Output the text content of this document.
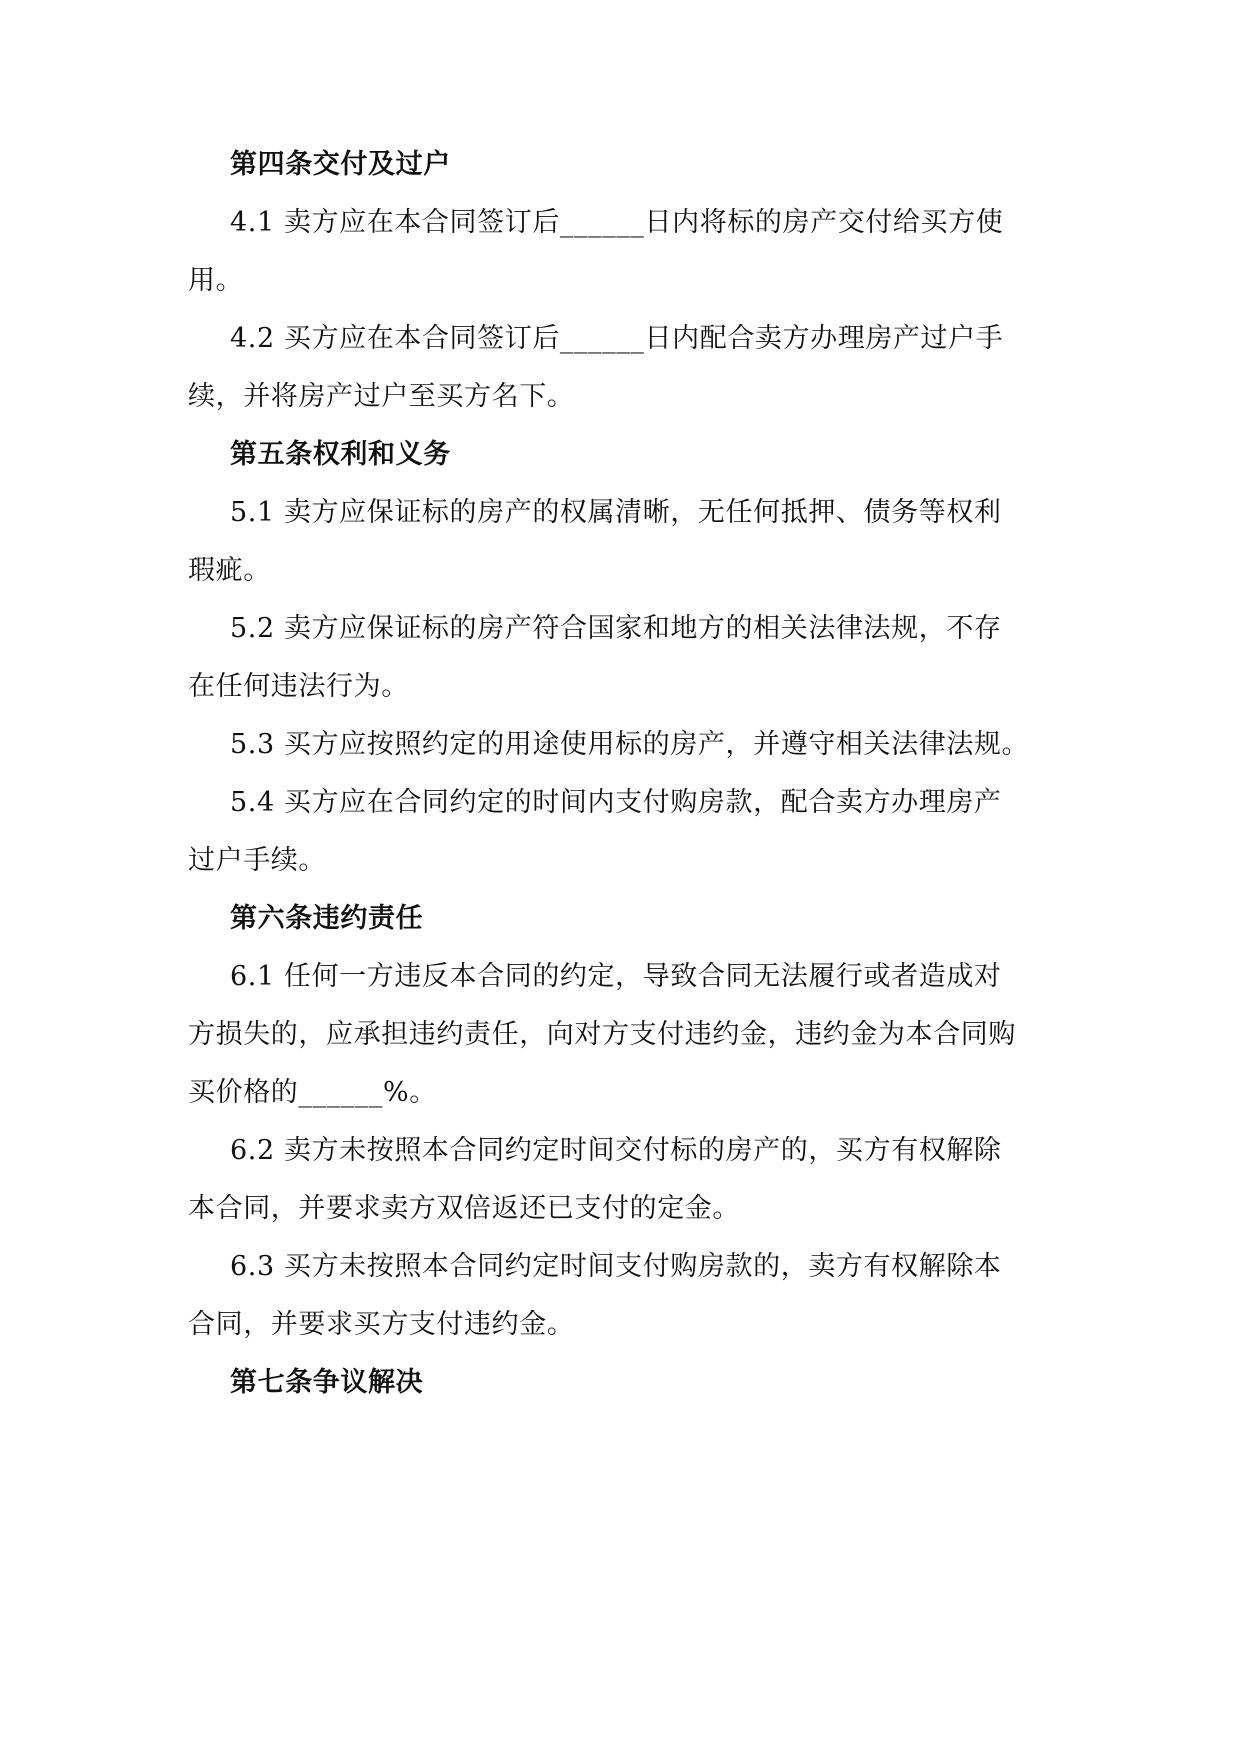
第四条交付及过户
4.1 卖方应在本合同签订后______日内将标的房产交付给买方使
用。
4.2 买方应在本合同签订后______日内配合卖方办理房产过户手
续，并将房产过户至买方名下。
第五条权利和义务
5.1 卖方应保证标的房产的权属清晰，无任何抵押、债务等权利
瑕疵。
5.2 卖方应保证标的房产符合国家和地方的相关法律法规，不存
在任何违法行为。
5.3 买方应按照约定的用途使用标的房产，并遵守相关法律法规。
5.4 买方应在合同约定的时间内支付购房款，配合卖方办理房产
过户手续。
第六条违约责任
6.1 任何一方违反本合同的约定，导致合同无法履行或者造成对
方损失的，应承担违约责任，向对方支付违约金，违约金为本合同购
买价格的______%。
6.2 卖方未按照本合同约定时间交付标的房产的，买方有权解除
本合同，并要求卖方双倍返还已支付的定金。
6.3 买方未按照本合同约定时间支付购房款的，卖方有权解除本
合同，并要求买方支付违约金。
第七条争议解决
